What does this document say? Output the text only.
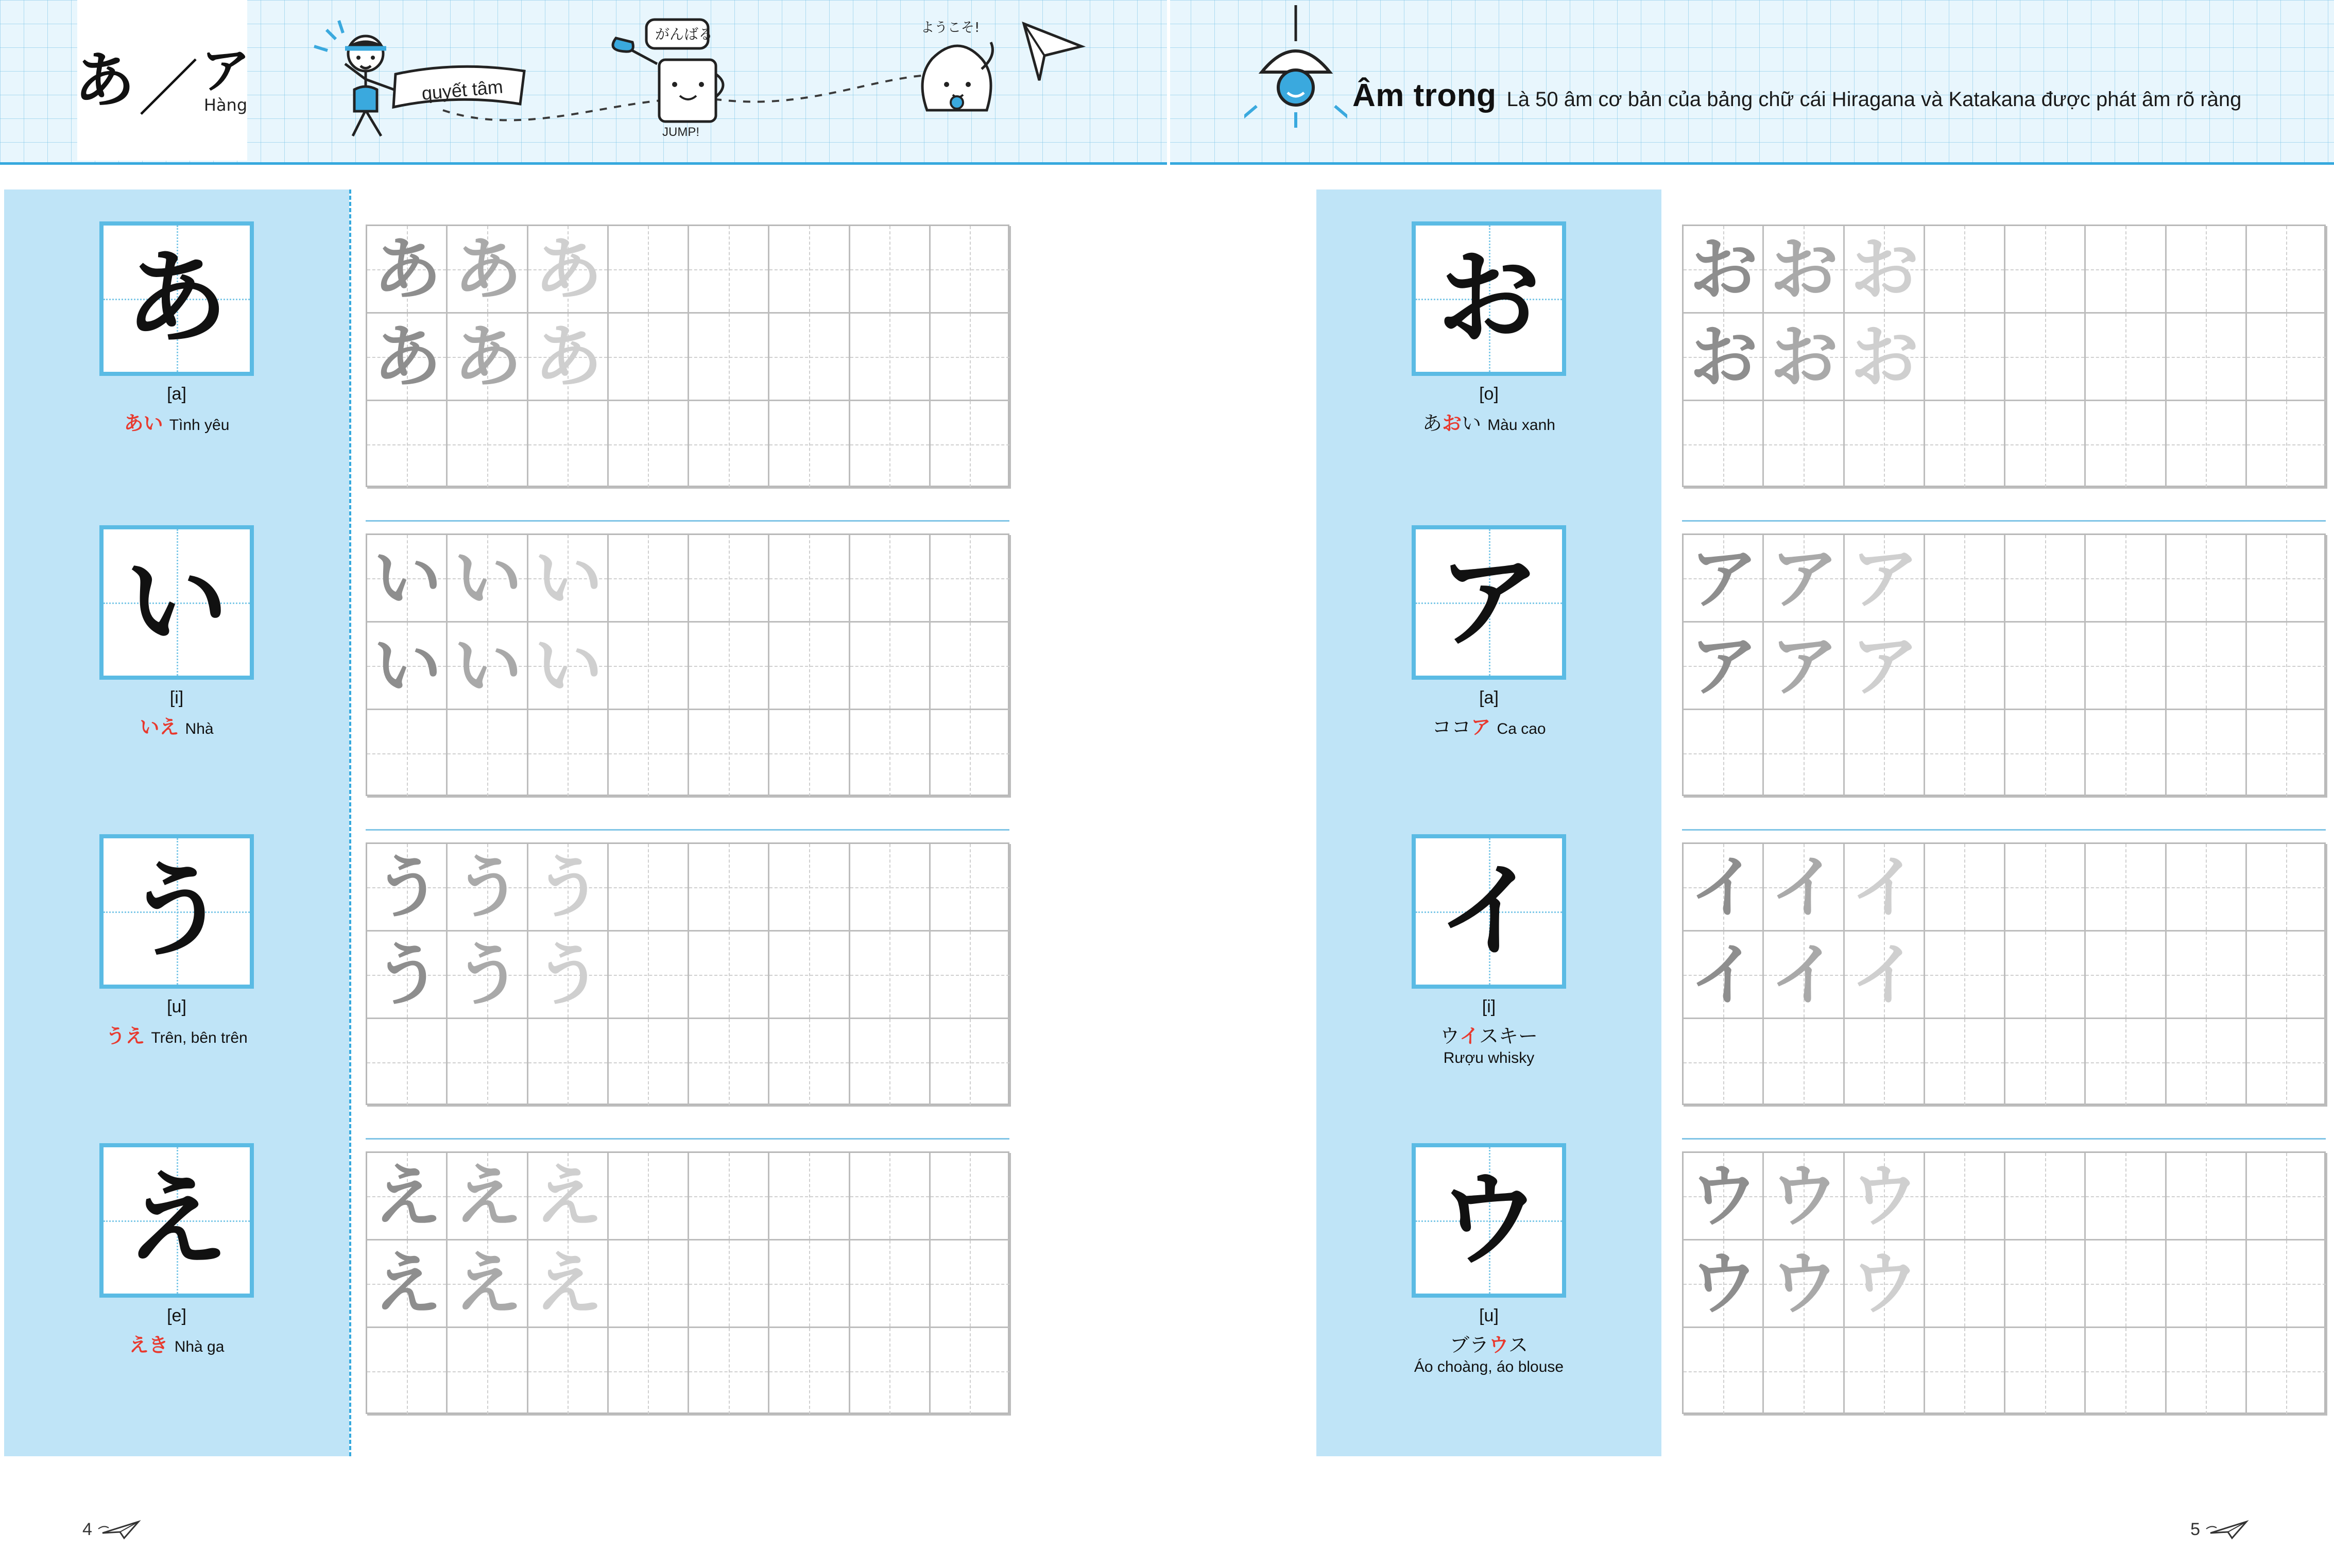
あ ／ ア
Hàng
quyết tâm
がんばる
JUMP!
ようこそ!
あ
[a]
あい Tình yêu
い
[i]
いえ Nhà
う
[u]
うえ Trên, bên trên
え
[e]
えき Nhà ga
あ あ あ
あ あ あ
い い い
い い い
う う う
う う う
え え え
え え え
4
Âm trong Là 50 âm cơ bản của bảng chữ cái Hiragana và Katakana được phát âm rõ ràng
お
[o]
あおい Màu xanh
ア
[a]
ココア Ca cao
イ
[i]
ウイスキー
Rượu whisky
ウ
[u]
ブラウス
Áo choàng, áo blouse
お お お
お お お
ア ア ア
ア ア ア
イ イ イ
イ イ イ
ウ ウ ウ
ウ ウ ウ
5
